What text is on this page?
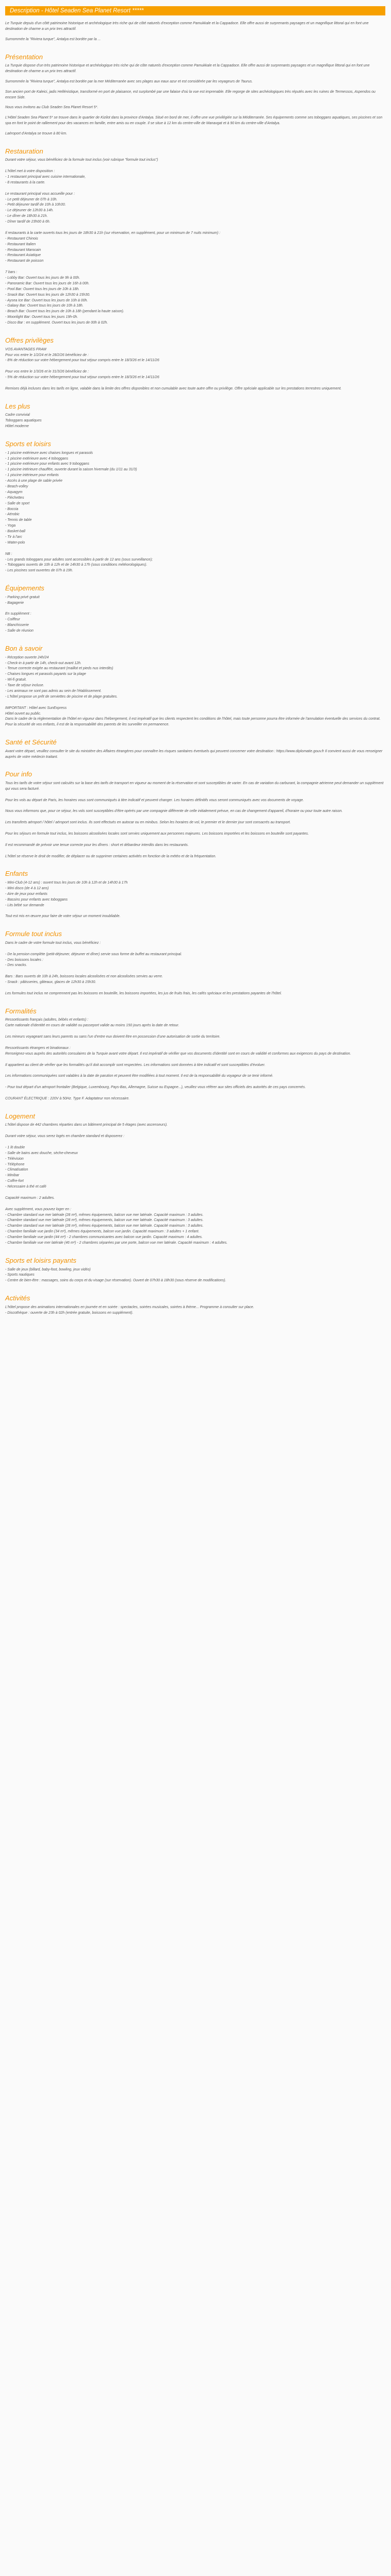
Description - Hôtel Seaden Sea Planet Resort *****

Le Turquie depuis d'un côté patrimoine historique et archéologique très riche qui de côté naturels d'exception comme Pamukkale et la Cappadoce. Elle offre aussi de surprenants paysages et un magnifique littoral qui en font une destination de charme a un prix tres attractif.

Surnommée la "Riviera turque", Antalya est bordée par la ...

Présentation

La Turquie dispose d'un très patrimoine historique et archéologique très riche qui de côte naturels d'exception comme Pamukkale et la Cappadoce. Elle offre aussi de surprenants paysages et un magnifique littoral qui en font une destination de charme a un prix tres attractif.

Surnommée la "Riviera turque", Antalya est bordée par la mer Méditerranée avec ses plages aux eaux azur et est considérée par les voyageurs de Taurus.

Son ancien port de Kaleici, jadis Hellénistique, transformé en port de plaisance, est surplombé par une falaise d'où la vue est imprenable. Elle regorge de sites archéologiques très réputés avec les ruines de Termessos, Aspendos ou encore Side.

Nous vous invitons au Club Seaden Sea Planet Resort 5*.

L'Hôtel Seaden Sea Planet 5* se trouve dans le quartier de Kizilot dans la province d'Antalya. Situé en bord de mer, il offre une vue privilégiée sur la Méditerranée. Ses équipements comme ses toboggans aquatiques, ses piscines et son spa en font le point de ralliement pour des vacances en famille, entre amis ou en couple. Il se situe à 12 km du centre-ville de Manavgat et à 90 km du centre-ville d'Antalya.

Laéroport d'Antalya se trouve à 80 km.

Restauration
Durant votre séjour, vous bénéficiez de la formule tout inclus (voir rubrique "formule tout inclus")
L'hôtel met à votre disposition :
- 1 restaurant principal avec cuisine internationale,
- 8 restaurants à la carte.
Le restaurant principal vous accueille pour :
- Le petit déjeuner de 07h à 10h.
- Petit déjeuner tardif de 10h à 10h30.
- Le déjeuner de 12h30 à 14h.
- Le dîner de 18h30 à 21h.
- Dîner tardif de 23h00 à 6h.
Il restaurants à la carte ouverts tous les jours de 18h30 à 21h (sur réservation, en supplément, pour un minimum de 7 nuits minimum) :
- Restaurant Chinois
- Restaurant Italien
- Restaurant Marocain
- Restaurant Asiatique
- Restaurant de poisson
7 bars :
- Lobby Bar: Ouvert tous les jours de 9h à 00h.
- Panoramic Bar: Ouvert tous les jours de 16h à 00h.
- Pool Bar: Ouvert tous les jours de 10h à 18h.
- Snack Bar: Ouvert tous les jours de 12h30 à 15h30.
- Aysea Ice Bar: Ouvert tous les jours de 10h à 00h.
- Galaxy Bar: Ouvert tous les jours de 10h à 18h.
- Beach Bar: Ouvert tous les jours de 10h à 18h (pendant la haute saison).
- Moonlight Bar: Ouvert tous les jours 19h-0h.
- Disco Bar : en supplément. Ouvert tous les jours de 00h à 02h.
Offres privilèges
VOS AVANTAGES FRAM
Pour vos entre le 1/2/24 et le 28/2/26 bénéficiez de :
- 8% de réduction sur votre hébergement pour tout séjour compris entre le 18/3/26 et le 14/11/26
Pour vos entre le 1/3/26 et le 31/3/26 bénéficiez de :
- 5% de réduction sur votre hébergement pour tout séjour compris entre le 18/3/26 et le 14/11/26
Remises déjà incluses dans les tarifs en ligne, valable dans la limite des offres disponibles et non cumulable avec toute autre offre ou privilège. Offre spéciale applicable sur les prestations terrestres uniquement.
Les plus
Cadre convivial
Toboggans aquatiques
Hôtel moderne
Sports et loisirs
- 1 piscine extérieure avec chaises longues et parasols
- 1 piscine extérieure avec 4 toboggans
- 1 piscine extérieure pour enfants avec 9 toboggans
- 1 piscine intérieure chauffée, ouverte durant la saison hivernale (du 1/11 au 31/3)
- 1 piscine intérieure pour enfants
- Accès à une plage de sable privée
- Beach-volley
- Aquagym
- Fléchettes
- Salle de sport
- Boccia
- Aérobic
- Tennis de table
- Yoga
- Basket-ball
- Tir à l'arc
- Water-polo
NB :
- Les grands toboggans pour adultes sont accessibles à partir de 12 ans (sous surveillance);
- Toboggans ouverts de 10h à 12h et de 14h30 à 17h (sous conditions météorologiques).
- Les piscines sont ouvertes de 07h à 19h.
Équipements
- Parking privé gratuit
- Bagagerie
En supplément :
- Coiffeur
- Blanchisserie
- Salle de réunion
Bon à savoir
- Réception ouverte 24h/24
- Check-in à partir de 14h, check-out avant 12h.
- Tenue correcte exigée au restaurant (maillot et pieds nus interdits)
- Chaises longues et parasols payants sur la plage
- Wi-fi gratuit.
- Taxe de séjour incluse.
- Les animaux ne sont pas admis au sein de l'établissement.
- L'hôtel propose un prêt de serviettes de piscine et de plage gratuites.
IMPORTANT : Hôtel avec SunExpress
Hôtel ouvert au public.
Dans le cadre de la réglementation de l'hôtel en vigueur dans l'hébergement, il est impératif que les clients respectent les conditions de l'hôtel, mais toute personne pourra être informée de l'annulation éventuelle des services du contrat.
Pour la sécurité de vos enfants, il est de la responsabilité des parents de les surveiller en permanence.
Santé et Sécurité

Avant votre départ, veuillez consulter le site du ministère des Affaires étrangères pour connaître les risques sanitaires éventuels qui peuvent concerner votre destination : https://www.diplomatie.gouv.fr Il convient aussi de vous renseigner auprès de votre médecin traitant.

Pour info
Tous les tarifs de votre séjour sont calculés sur la base des tarifs de transport en vigueur au moment de la réservation et sont susceptibles de varier. En cas de variation du carburant, la compagnie aérienne peut demander un supplément qui vous sera facturé.
Pour les vols au départ de Paris, les horaires vous sont communiqués à titre indicatif et peuvent changer. Les horaires définitifs vous seront communiqués avec vos documents de voyage.
Nous vous informons que, pour ce séjour, les vols sont susceptibles d'être opérés par une compagnie différente de celle initialement prévue, en cas de changement d'appareil, d'horaire ou pour toute autre raison.
Les transferts aéroport / hôtel / aéroport sont inclus. Ils sont effectués en autocar ou en minibus. Selon les horaires de vol, le premier et le dernier jour sont consacrés au transport.
Pour les séjours en formule tout inclus, les boissons alcoolisées locales sont servies uniquement aux personnes majeures. Les boissons importées et les boissons en bouteille sont payantes.
Il est recommandé de prévoir une tenue correcte pour les dîners : short et débardeur interdits dans les restaurants.
L'hôtel se réserve le droit de modifier, de déplacer ou de supprimer certaines activités en fonction de la météo et de la fréquentation.
Enfants
- Mini-Club (4-12 ans) : ouvert tous les jours de 10h à 12h et de 14h30 à 17h
- Mini disco (de 4 à 12 ans)
- Aire de jeux pour enfants
- Bassins pour enfants avec toboggans
- Lits bébé sur demande
Tout est mis en œuvre pour faire de votre séjour un moment inoubliable.
Formule tout inclus
Dans le cadre de votre formule tout inclus, vous bénéficiez :
- De la pension complète (petit-déjeuner, déjeuner et dîner) servie sous forme de buffet au restaurant principal.
- Des boissons locales :
- Des snacks.
Bars : Bars ouverts de 10h à 24h, boissons locales alcoolisées et non alcoolisées servies au verre.
- Snack : pâtisseries, gâteaux, glaces de 12h30 à 15h30.
Les formules tout inclus ne comprennent pas les boissons en bouteille, les boissons importées, les jus de fruits frais, les cafés spéciaux et les prestations payantes de l'hôtel.
Formalités
Ressortissants français (adultes, bébés et enfants) :
Carte nationale d'identité en cours de validité ou passeport valide au moins 150 jours après la date de retour.
Les mineurs voyageant sans leurs parents ou sans l'un d'entre eux doivent être en possession d'une autorisation de sortie du territoire.
Ressortissants étrangers et binationaux :
Renseignez-vous auprès des autorités consulaires de la Turquie avant votre départ. Il est impératif de vérifier que vos documents d'identité sont en cours de validité et conformes aux exigences du pays de destination.
Il appartient au client de vérifier que les formalités qu'il doit accomplir sont respectées. Les informations sont données à titre indicatif et sont susceptibles d'évoluer.
Les informations communiquées sont valables à la date de parution et peuvent être modifiées à tout moment. Il est de la responsabilité du voyageur de se tenir informé.
- Pour tout départ d'un aéroport frontalier (Belgique, Luxembourg, Pays-Bas, Allemagne, Suisse ou Espagne...), veuillez vous référer aux sites officiels des autorités de ces pays concernés.
COURANT ÉLECTRIQUE : 220V à 50Hz. Type F. Adaptateur non nécessaire.
Logement
L'hôtel dispose de 442 chambres réparties dans un bâtiment principal de 5 étages (avec ascenseurs).
Durant votre séjour, vous serez logés en chambre standard et disposerez :
- 1 lit double
- Salle de bains avec douche, sèche-cheveux
- Télévision
- Téléphone
- Climatisation
- Minibar
- Coffre-fort
- Nécessaire à thé et café
Capacité maximum : 2 adultes.
Avec supplément, vous pouvez loger en :
- Chambre standard vue mer latérale (28 m²), mêmes équipements, balcon vue mer latérale. Capacité maximum : 3 adultes.
- Chambre standard vue mer latérale (28 m²), mêmes équipements, balcon vue mer latérale. Capacité maximum : 3 adultes.
- Chambre standard vue mer latérale (28 m²), mêmes équipements, balcon vue mer latérale. Capacité maximum : 3 adultes.
- Chambre familiale vue jardin (34 m²), mêmes équipements, balcon vue jardin. Capacité maximum : 3 adultes + 1 enfant.
- Chambre familiale vue jardin (44 m²) - 2 chambres communicantes avec balcon vue jardin. Capacité maximum : 4 adultes.
- Chambre familiale vue mer latérale (46 m²) - 2 chambres séparées par une porte, balcon vue mer latérale. Capacité maximum : 4 adultes.
Sports et loisirs payants
- Salle de jeux (billard, baby-foot, bowling, jeux vidéo)
- Sports nautiques
- Centre de bien-être : massages, soins du corps et du visage (sur réservation). Ouvert de 07h30 à 18h30 (sous réserve de modifications).
Activités
L'hôtel propose des animations internationales en journée et en soirée : spectacles, soirées musicales, soirées à thème... Programme à consulter sur place.
- Discothèque : ouverte de 23h à 02h (entrée gratuite, boissons en supplément).
